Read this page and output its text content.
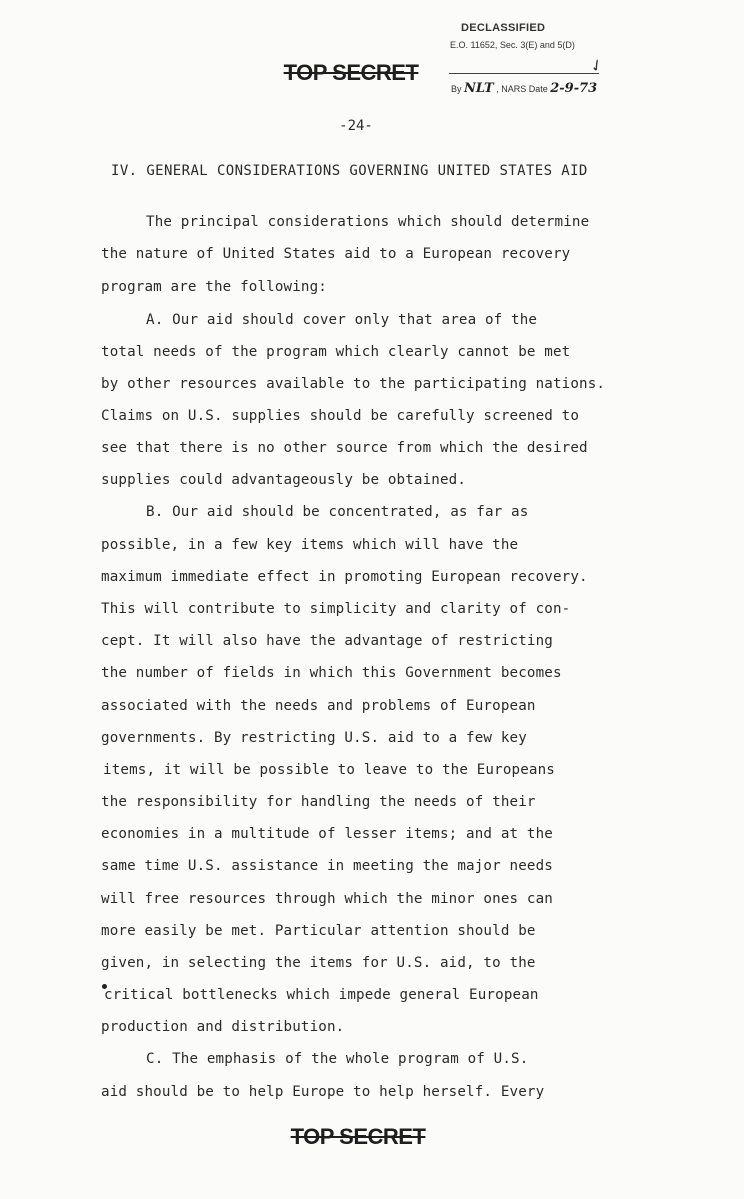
DECLASSIFIED
E.O. 11652, Sec. 3(E) and 5(D)
By NLT , NARS Date 2-9-73
✓
TOP SECRET
-24-
IV. GENERAL CONSIDERATIONS GOVERNING UNITED STATES AID
The principal considerations which should determine
the nature of United States aid to a European recovery
program are the following:
A. Our aid should cover only that area of the
total needs of the program which clearly cannot be met
by other resources available to the participating nations.
Claims on U.S. supplies should be carefully screened to
see that there is no other source from which the desired
supplies could advantageously be obtained.
B. Our aid should be concentrated, as far as
possible, in a few key items which will have the
maximum immediate effect in promoting European recovery.
This will contribute to simplicity and clarity of con-
cept. It will also have the advantage of restricting
the number of fields in which this Government becomes
associated with the needs and problems of European
governments. By restricting U.S. aid to a few key
items, it will be possible to leave to the Europeans
the responsibility for handling the needs of their
economies in a multitude of lesser items; and at the
same time U.S. assistance in meeting the major needs
will free resources through which the minor ones can
more easily be met. Particular attention should be
given, in selecting the items for U.S. aid, to the
critical bottlenecks which impede general European
production and distribution.
C. The emphasis of the whole program of U.S.
aid should be to help Europe to help herself. Every
TOP SECRET
